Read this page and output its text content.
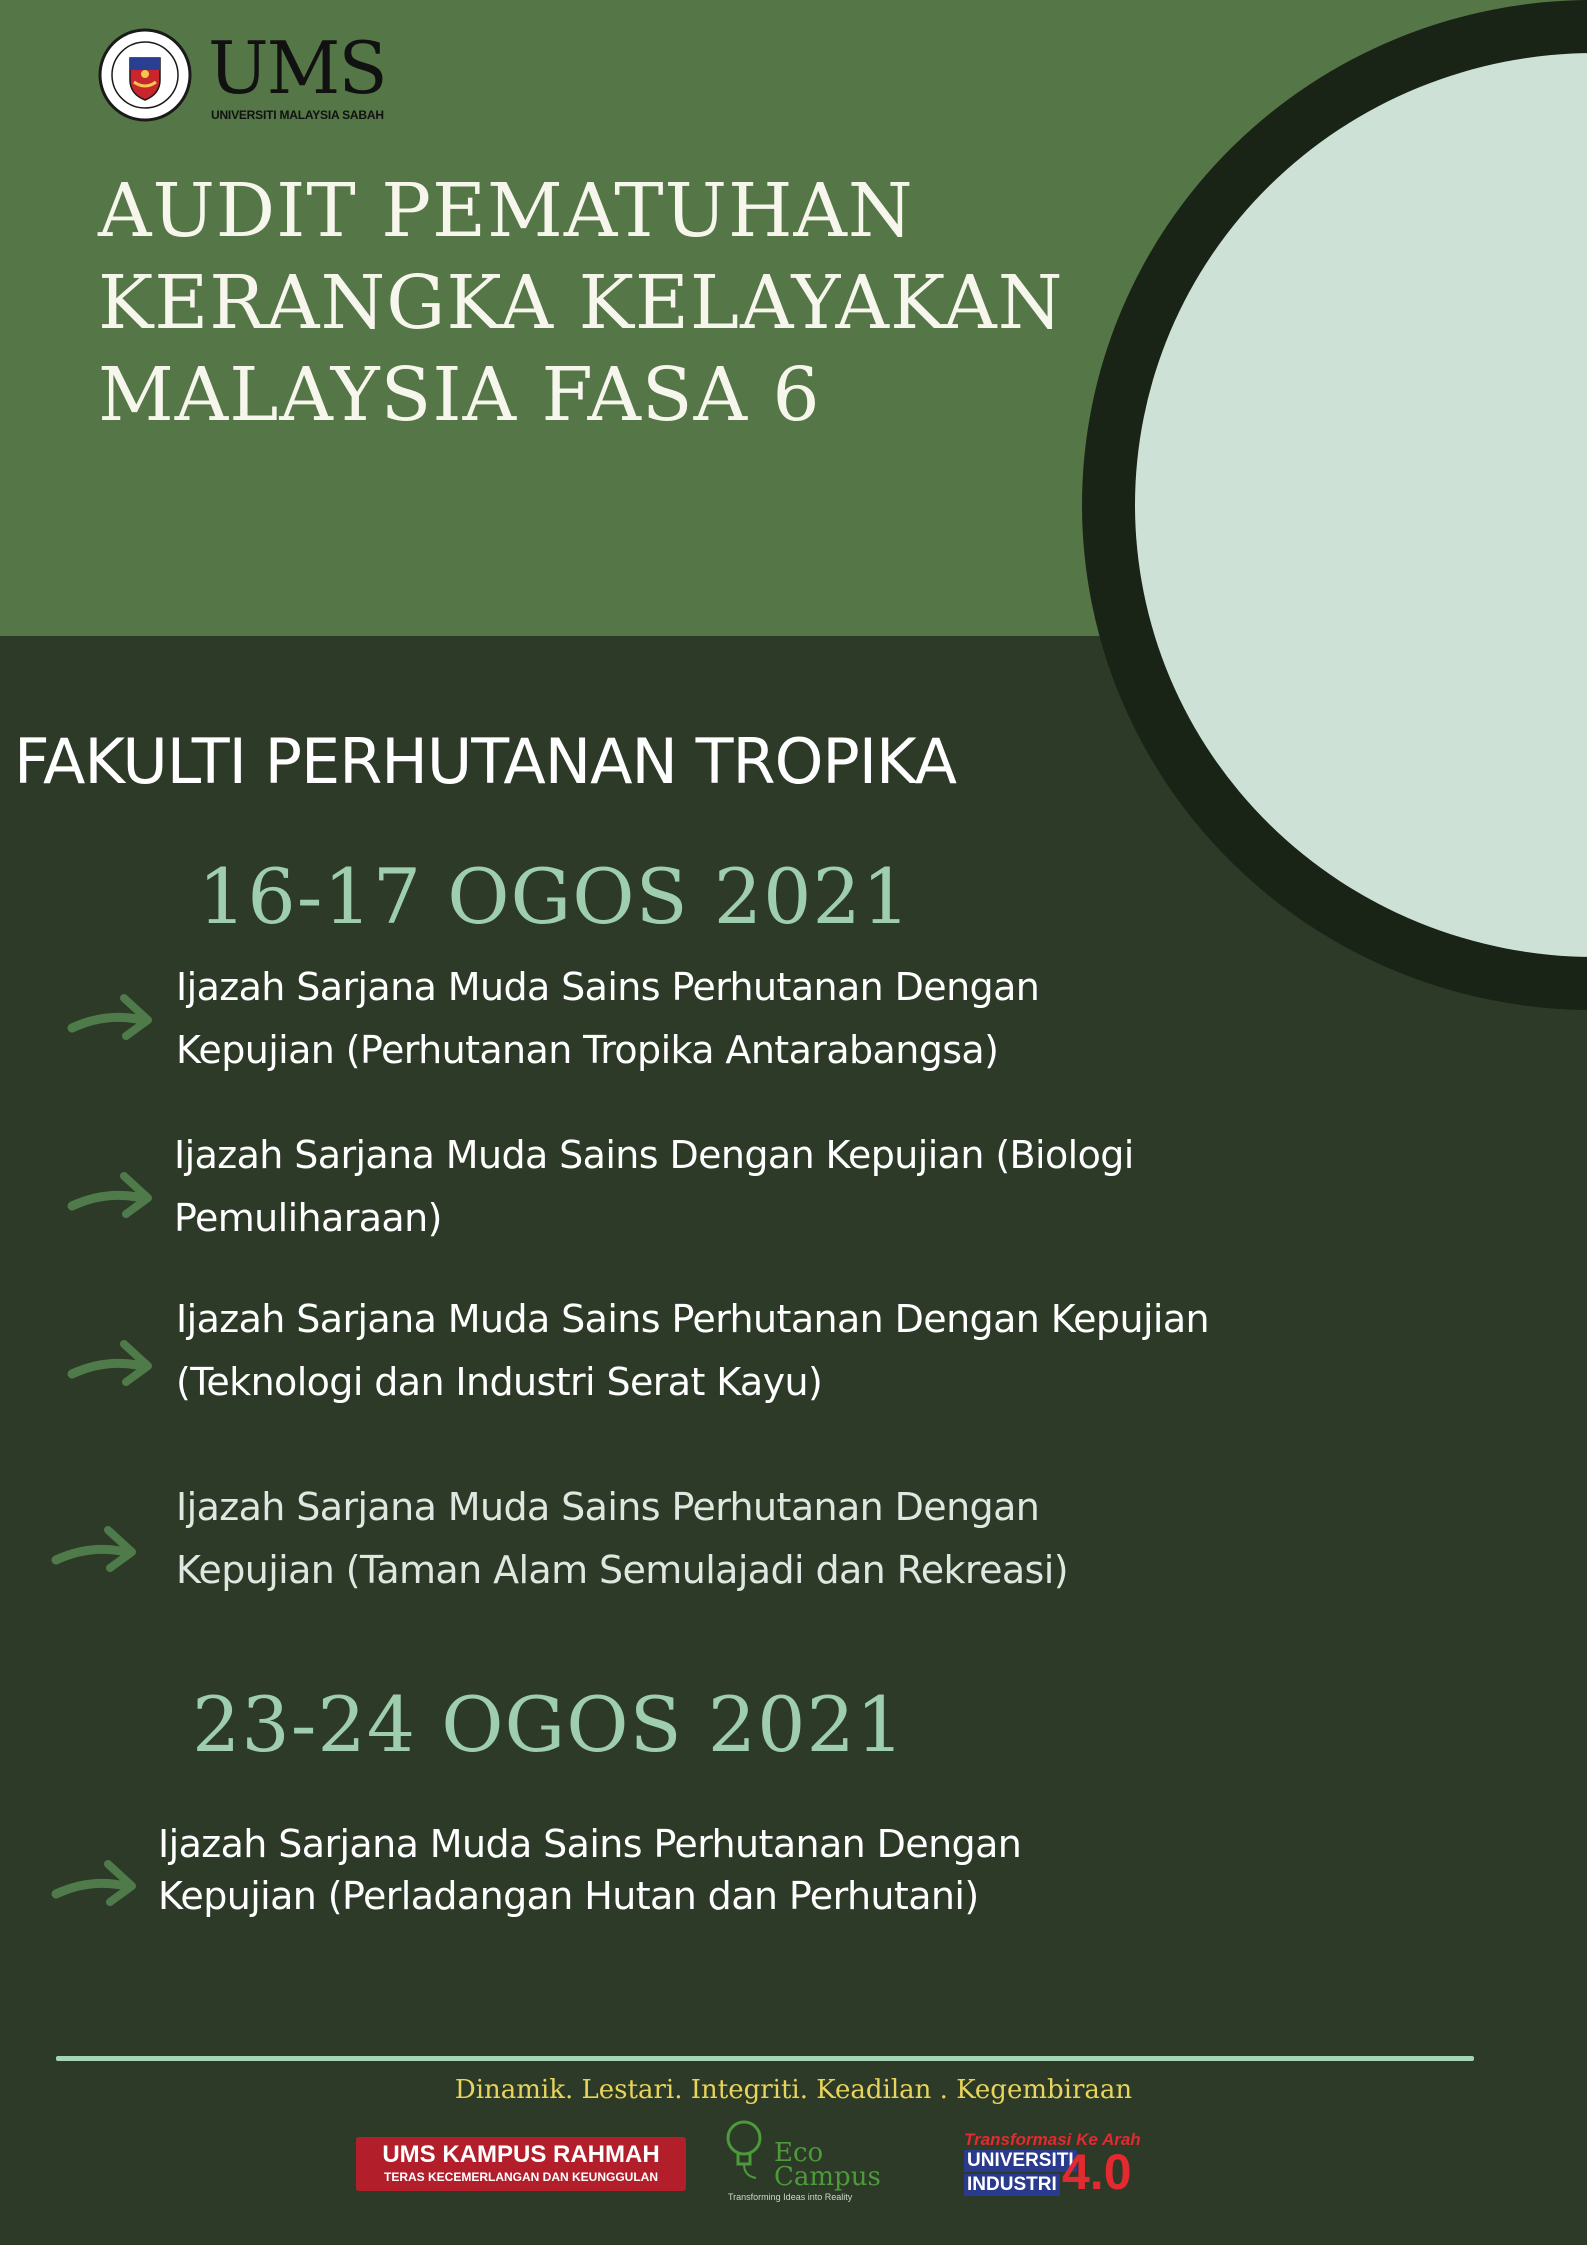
UMS
UNIVERSITI MALAYSIA SABAH
AUDIT PEMATUHAN
KERANGKA KELAYAKAN
MALAYSIA FASA 6
FAKULTI PERHUTANAN TROPIKA
16-17 OGOS 2021
Ijazah Sarjana Muda Sains Perhutanan Dengan
Kepujian (Perhutanan Tropika Antarabangsa)
Ijazah Sarjana Muda Sains Dengan Kepujian (Biologi
Pemuliharaan)
Ijazah Sarjana Muda Sains Perhutanan Dengan Kepujian
(Teknologi dan Industri Serat Kayu)
Ijazah Sarjana Muda Sains Perhutanan Dengan
Kepujian (Taman Alam Semulajadi dan Rekreasi)
23-24 OGOS 2021
Ijazah Sarjana Muda Sains Perhutanan Dengan
Kepujian (Perladangan Hutan dan Perhutani)
Dinamik. Lestari. Integriti. Keadilan . Kegembiraan
UMS KAMPUS RAHMAH
TERAS KECEMERLANGAN DAN KEUNGGULAN
Eco
Campus
Transforming Ideas into Reality
Transformasi Ke Arah
UNIVERSITI
INDUSTRI 4.0
